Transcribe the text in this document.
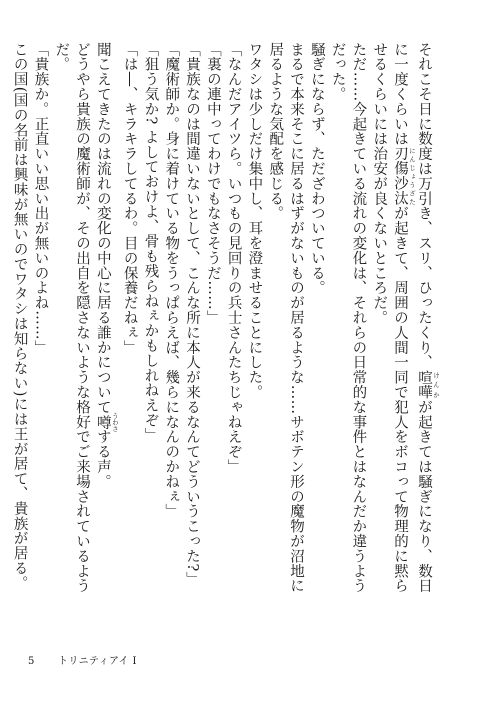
それこそ日に数度は万引き、スリ、ひったくり、喧嘩 けんかが起きては騒ぎになり、数日に一度くらいは刃傷沙汰 にんじょうざたが起きて、周囲の人間一同で犯人をボコって物理的に黙らせるくらいには治安が良くないところだ。

ただ……今起きている流れの変化は、それらの日常的な事件とはなんだか違うようだった。

騒ぎにならず、ただざわついている。

まるで本来そこに居るはずがないものが居るような……サボテン形の魔物が沼地に居るような気配を感じる。

ワタシは少しだけ集中し、耳を澄ませることにした。

「なんだアイツら。いつもの見回りの兵士さんたちじゃねえぞ」

「裏の連中ってわけでもなさそうだ……」

「貴族なのは間違いないとして、こんな所に本人が来るなんてどういうこった?」

「魔術師か。身に着けている物をうっぱらえば、幾らになんのかねぇ」

「狙う気か? よしておけよ、骨も残らねぇかもしれねえぞ」

「は―、キラキラしてるわ。目の保養だねぇ」

聞こえてきたのは流れの変化の中心に居る誰かについて噂 うわさする声。

どうやら貴族の魔術師が、その出自を隠さないような格好でご来場されているようだ。

「貴族か。正直いい思い出が無いのよね……」

この国(国の名前は興味が無いのでワタシは知らない)には王が居て、貴族が居る。

5 トリニティアイ Ⅰ
